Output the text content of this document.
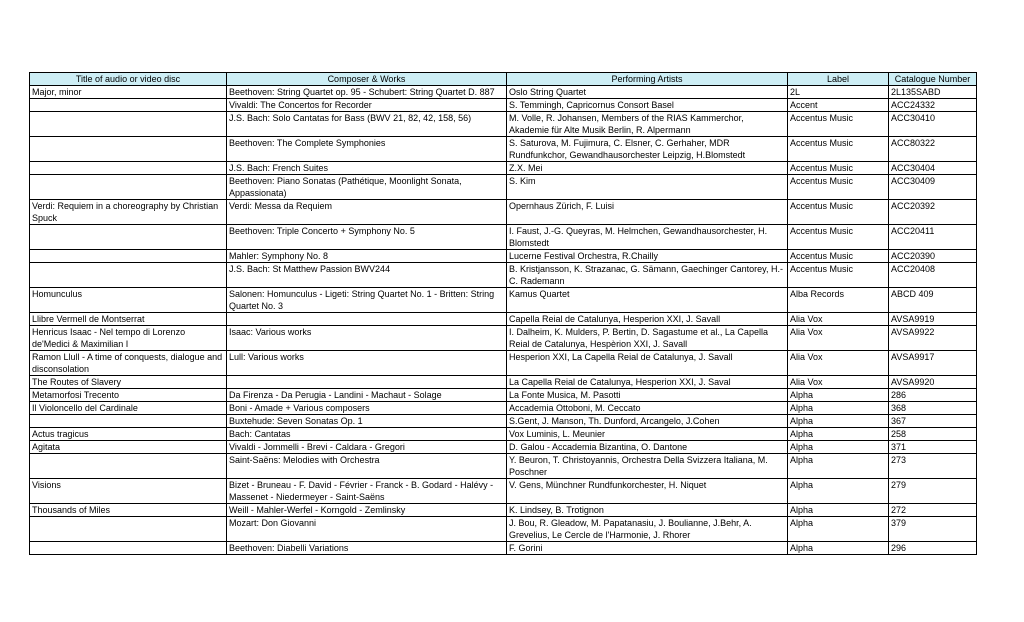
Title of audio or video disc	Composer & Works	Performing Artists	Label	Catalogue Number
Major, minor	Beethoven: String Quartet op. 95 - Schubert: String Quartet D. 887	Oslo String Quartet	2L	2L135SABD
	Vivaldi: The Concertos for Recorder	S. Temmingh, Capricornus Consort Basel	Accent	ACC24332
	J.S. Bach: Solo Cantatas for Bass (BWV 21, 82, 42, 158, 56)	M. Volle, R. Johansen, Members of the RIAS Kammerchor, Akademie für Alte Musik Berlin, R. Alpermann	Accentus Music	ACC30410
	Beethoven: The Complete Symphonies	S. Saturova, M. Fujimura, C. Elsner, C. Gerhaher, MDR Rundfunkchor, Gewandhausorchester Leipzig, H.Blomstedt	Accentus Music	ACC80322
	J.S. Bach: French Suites	Z.X. Mei	Accentus Music	ACC30404
	Beethoven: Piano Sonatas (Pathétique, Moonlight Sonata, Appassionata)	S. Kim	Accentus Music	ACC30409
Verdi: Requiem in a choreography by Christian Spuck	Verdi: Messa da Requiem	Opernhaus Zürich, F. Luisi	Accentus Music	ACC20392
	Beethoven: Triple Concerto + Symphony No. 5	I. Faust, J.-G. Queyras, M. Helmchen, Gewandhausorchester, H. Blomstedt	Accentus Music	ACC20411
	Mahler: Symphony No. 8	Lucerne Festival Orchestra, R.Chailly	Accentus Music	ACC20390
	J.S. Bach: St Matthew Passion BWV244	B. Kristjansson, K. Strazanac, G. Sämann, Gaechinger Cantorey, H.-C. Rademann	Accentus Music	ACC20408
Homunculus	Salonen: Homunculus - Ligeti: String Quartet No. 1 - Britten: String Quartet No. 3	Kamus Quartet	Alba Records	ABCD 409
Llibre Vermell de Montserrat		Capella Reial de Catalunya, Hesperion XXI, J. Savall	Alia Vox	AVSA9919
Henricus Isaac - Nel tempo di Lorenzo de'Medici & Maximilian I	Isaac: Various works	I. Dalheim, K. Mulders, P. Bertin, D. Sagastume et al., La Capella Reial de Catalunya, Hespèrion XXI, J. Savall	Alia Vox	AVSA9922
Ramon Llull - A time of conquests, dialogue and disconsolation	Lull: Various works	Hesperion XXI, La Capella Reial de Catalunya, J. Savall	Alia Vox	AVSA9917
The Routes of Slavery		La Capella Reial de Catalunya, Hesperion XXI, J. Saval	Alia Vox	AVSA9920
Metamorfosi Trecento	Da Firenza - Da Perugia - Landini - Machaut - Solage	La Fonte Musica, M. Pasotti	Alpha	286
Il Violoncello del Cardinale	Boni - Amade + Various composers	Accademia Ottoboni, M. Ceccato	Alpha	368
	Buxtehude: Seven Sonatas Op. 1	S.Gent, J. Manson, Th. Dunford, Arcangelo, J.Cohen	Alpha	367
Actus tragicus	Bach: Cantatas	Vox Luminis, L. Meunier	Alpha	258
Agitata	Vivaldi - Jommelli - Brevi - Caldara - Gregori	D. Galou - Accademia Bizantina, O. Dantone	Alpha	371
	Saint-Saëns: Melodies with Orchestra	Y. Beuron, T. Christoyannis, Orchestra Della Svizzera Italiana, M. Poschner	Alpha	273
Visions	Bizet - Bruneau - F. David - Février - Franck - B. Godard - Halévy - Massenet - Niedermeyer - Saint-Saëns	V. Gens, Münchner Rundfunkorchester, H. Niquet	Alpha	279
Thousands of Miles	Weill - Mahler-Werfel - Korngold - Zemlinsky	K. Lindsey, B. Trotignon	Alpha	272
	Mozart: Don Giovanni	J. Bou, R. Gleadow, M. Papatanasiu, J. Boulianne, J.Behr, A. Grevelius, Le Cercle de l'Harmonie, J. Rhorer	Alpha	379
	Beethoven: Diabelli Variations	F. Gorini	Alpha	296
